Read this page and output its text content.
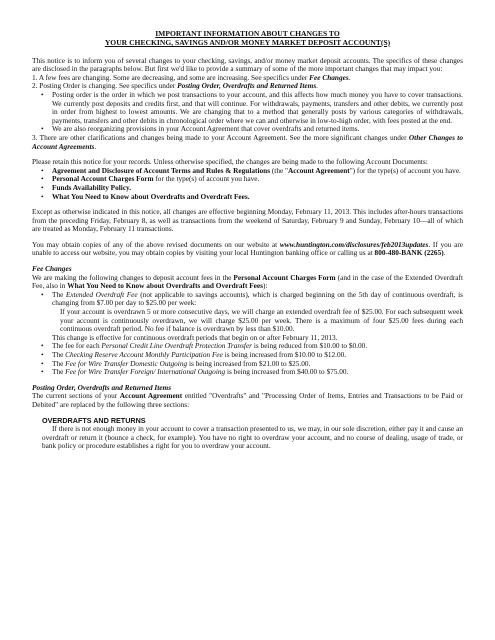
IMPORTANT INFORMATION ABOUT CHANGES TO
YOUR CHECKING, SAVINGS AND/OR MONEY MARKET DEPOSIT ACCOUNT(S)

This notice is to inform you of several changes to your checking, savings, and/or money market deposit accounts. The specifics of these changes are disclosed in the paragraphs below. But first we'd like to provide a summary of some of the more important changes that may impact you:

1. A few fees are changing. Some are decreasing, and some are increasing. See specifics under Fee Changes.

2. Posting Order is changing. See specifics under Posting Order, Overdrafts and Returned Items.

• Posting order is the order in which we post transactions to your account, and this affects how much money you have to cover transactions. We currently post deposits and credits first, and that will continue. For withdrawals, payments, transfers and other debits, we currently post in order from highest to lowest amounts. We are changing that to a method that generally posts by various categories of withdrawals, payments, transfers and other debits in chronological order where we can and otherwise in low-to-high order, with fees posted at the end.

• We are also reorganizing provisions in your Account Agreement that cover overdrafts and returned items.

3. There are other clarifications and changes being made to your Account Agreement. See the more significant changes under Other Changes to Account Agreements.

Please retain this notice for your records. Unless otherwise specified, the changes are being made to the following Account Documents:

• Agreement and Disclosure of Account Terms and Rules & Regulations (the "Account Agreement") for the type(s) of account you have.

• Personal Account Charges Form for the type(s) of account you have.

• Funds Availability Policy.

• What You Need to Know about Overdrafts and Overdraft Fees.

Except as otherwise indicated in this notice, all changes are effective beginning Monday, February 11, 2013. This includes after-hours transactions from the preceding Friday, February 8, as well as transactions from the weekend of Saturday, February 9 and Sunday, February 10—all of which are treated as Monday, February 11 transactions.

You may obtain copies of any of the above revised documents on our website at www.huntington.com/disclosures/feb2013updates. If you are unable to access our website, you may obtain copies by visiting your local Huntington banking office or calling us at 800-480-BANK (2265).

Fee Changes

We are making the following changes to deposit account fees in the Personal Account Charges Form (and in the case of the Extended Overdraft Fee, also in What You Need to Know about Overdrafts and Overdraft Fees):

• The Extended Overdraft Fee (not applicable to savings accounts), which is charged beginning on the 5th day of continuous overdraft, is changing from $7.00 per day to $25.00 per week:

If your account is overdrawn 5 or more consecutive days, we will charge an extended overdraft fee of $25.00. For each subsequent week your account is continuously overdrawn, we will charge $25.00 per week. There is a maximum of four $25.00 fees during each continuous overdraft period. No fee if balance is overdrawn by less than $10.00.

This change is effective for continuous overdraft periods that begin on or after February 11, 2013.

• The fee for each Personal Credit Line Overdraft Protection Transfer is being reduced from $10.00 to $0.00.

• The Checking Reserve Account Monthly Participation Fee is being increased from $10.00 to $12.00.

• The Fee for Wire Transfer Domestic Outgoing is being increased from $21.00 to $25.00.

• The Fee for Wire Transfer Foreign/ International Outgoing is being increased from $40.00 to $75.00.

Posting Order, Overdrafts and Returned Items

The current sections of your Account Agreement entitled "Overdrafts" and "Processing Order of Items, Entries and Transactions to be Paid or Debited" are replaced by the following three sections:

OVERDRAFTS AND RETURNS

If there is not enough money in your account to cover a transaction presented to us, we may, in our sole discretion, either pay it and cause an overdraft or return it (bounce a check, for example). You have no right to overdraw your account, and no course of dealing, usage of trade, or bank policy or procedure establishes a right for you to overdraw your account.
